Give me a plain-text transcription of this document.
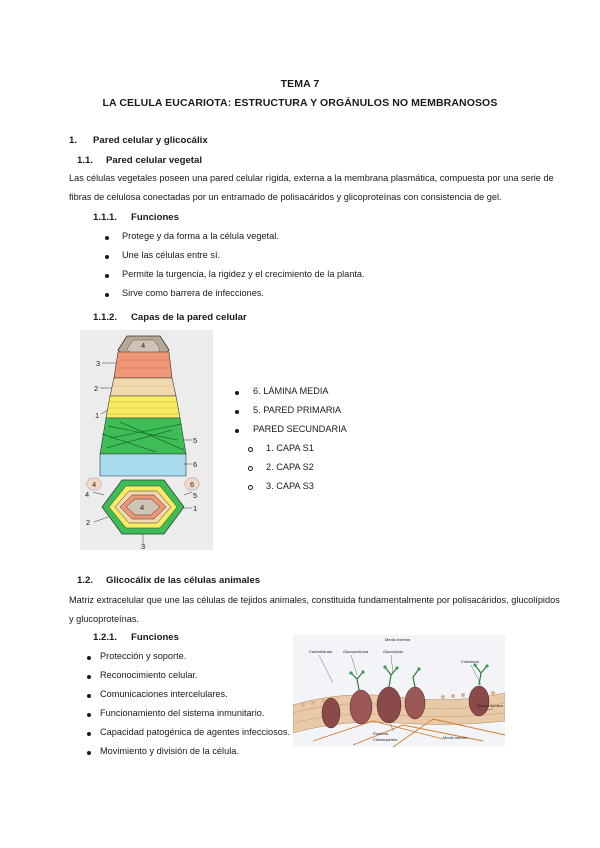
TEMA 7
LA CELULA EUCARIOTA: ESTRUCTURA Y ORGÁNULOS NO MEMBRANOSOS
1. Pared celular y glicocálix
1.1. Pared celular vegetal
Las células vegetales poseen una pared celular rígida, externa a la membrana plasmática, compuesta por una serie de
fibras de celulosa conectadas por un entramado de polisacáridos y glicoproteínas con consistencia de gel.
1.1.1. Funciones
Protege y da forma a la célula vegetal.
Une las células entre sí.
Permite la turgencia, la rigidez y el crecimiento de la planta.
Sirve como barrera de infecciones.
1.1.2. Capas de la pared celular
3
2
1
4
5
6
4	6
4	5
4
2
1
3
6. LÁMINA MEDIA
5. PARED PRIMARIA
PARED SECUNDARIA
1. CAPA S1
2. CAPA S2
3. CAPA S3
1.2. Glicocálix de las células animales
Matriz extracelular que une las células de tejidos animales, constituida fundamentalmente por polisacáridos, glucolípidos
y glucoproteínas.
1.2.1. Funciones
Protección y soporte.
Reconocimiento celular.
Comunicaciones intercelulares.
Funcionamiento del sistema inmunitario.
Capacidad patogénica de agentes infecciosos.
Movimiento y división de la célula.
Medio exterior
Carbohidrato	Glucoproteína	Glucolípido
Colesterol
Proteína
Citoesqueleto
Bicapa lipídica
Medio interior
